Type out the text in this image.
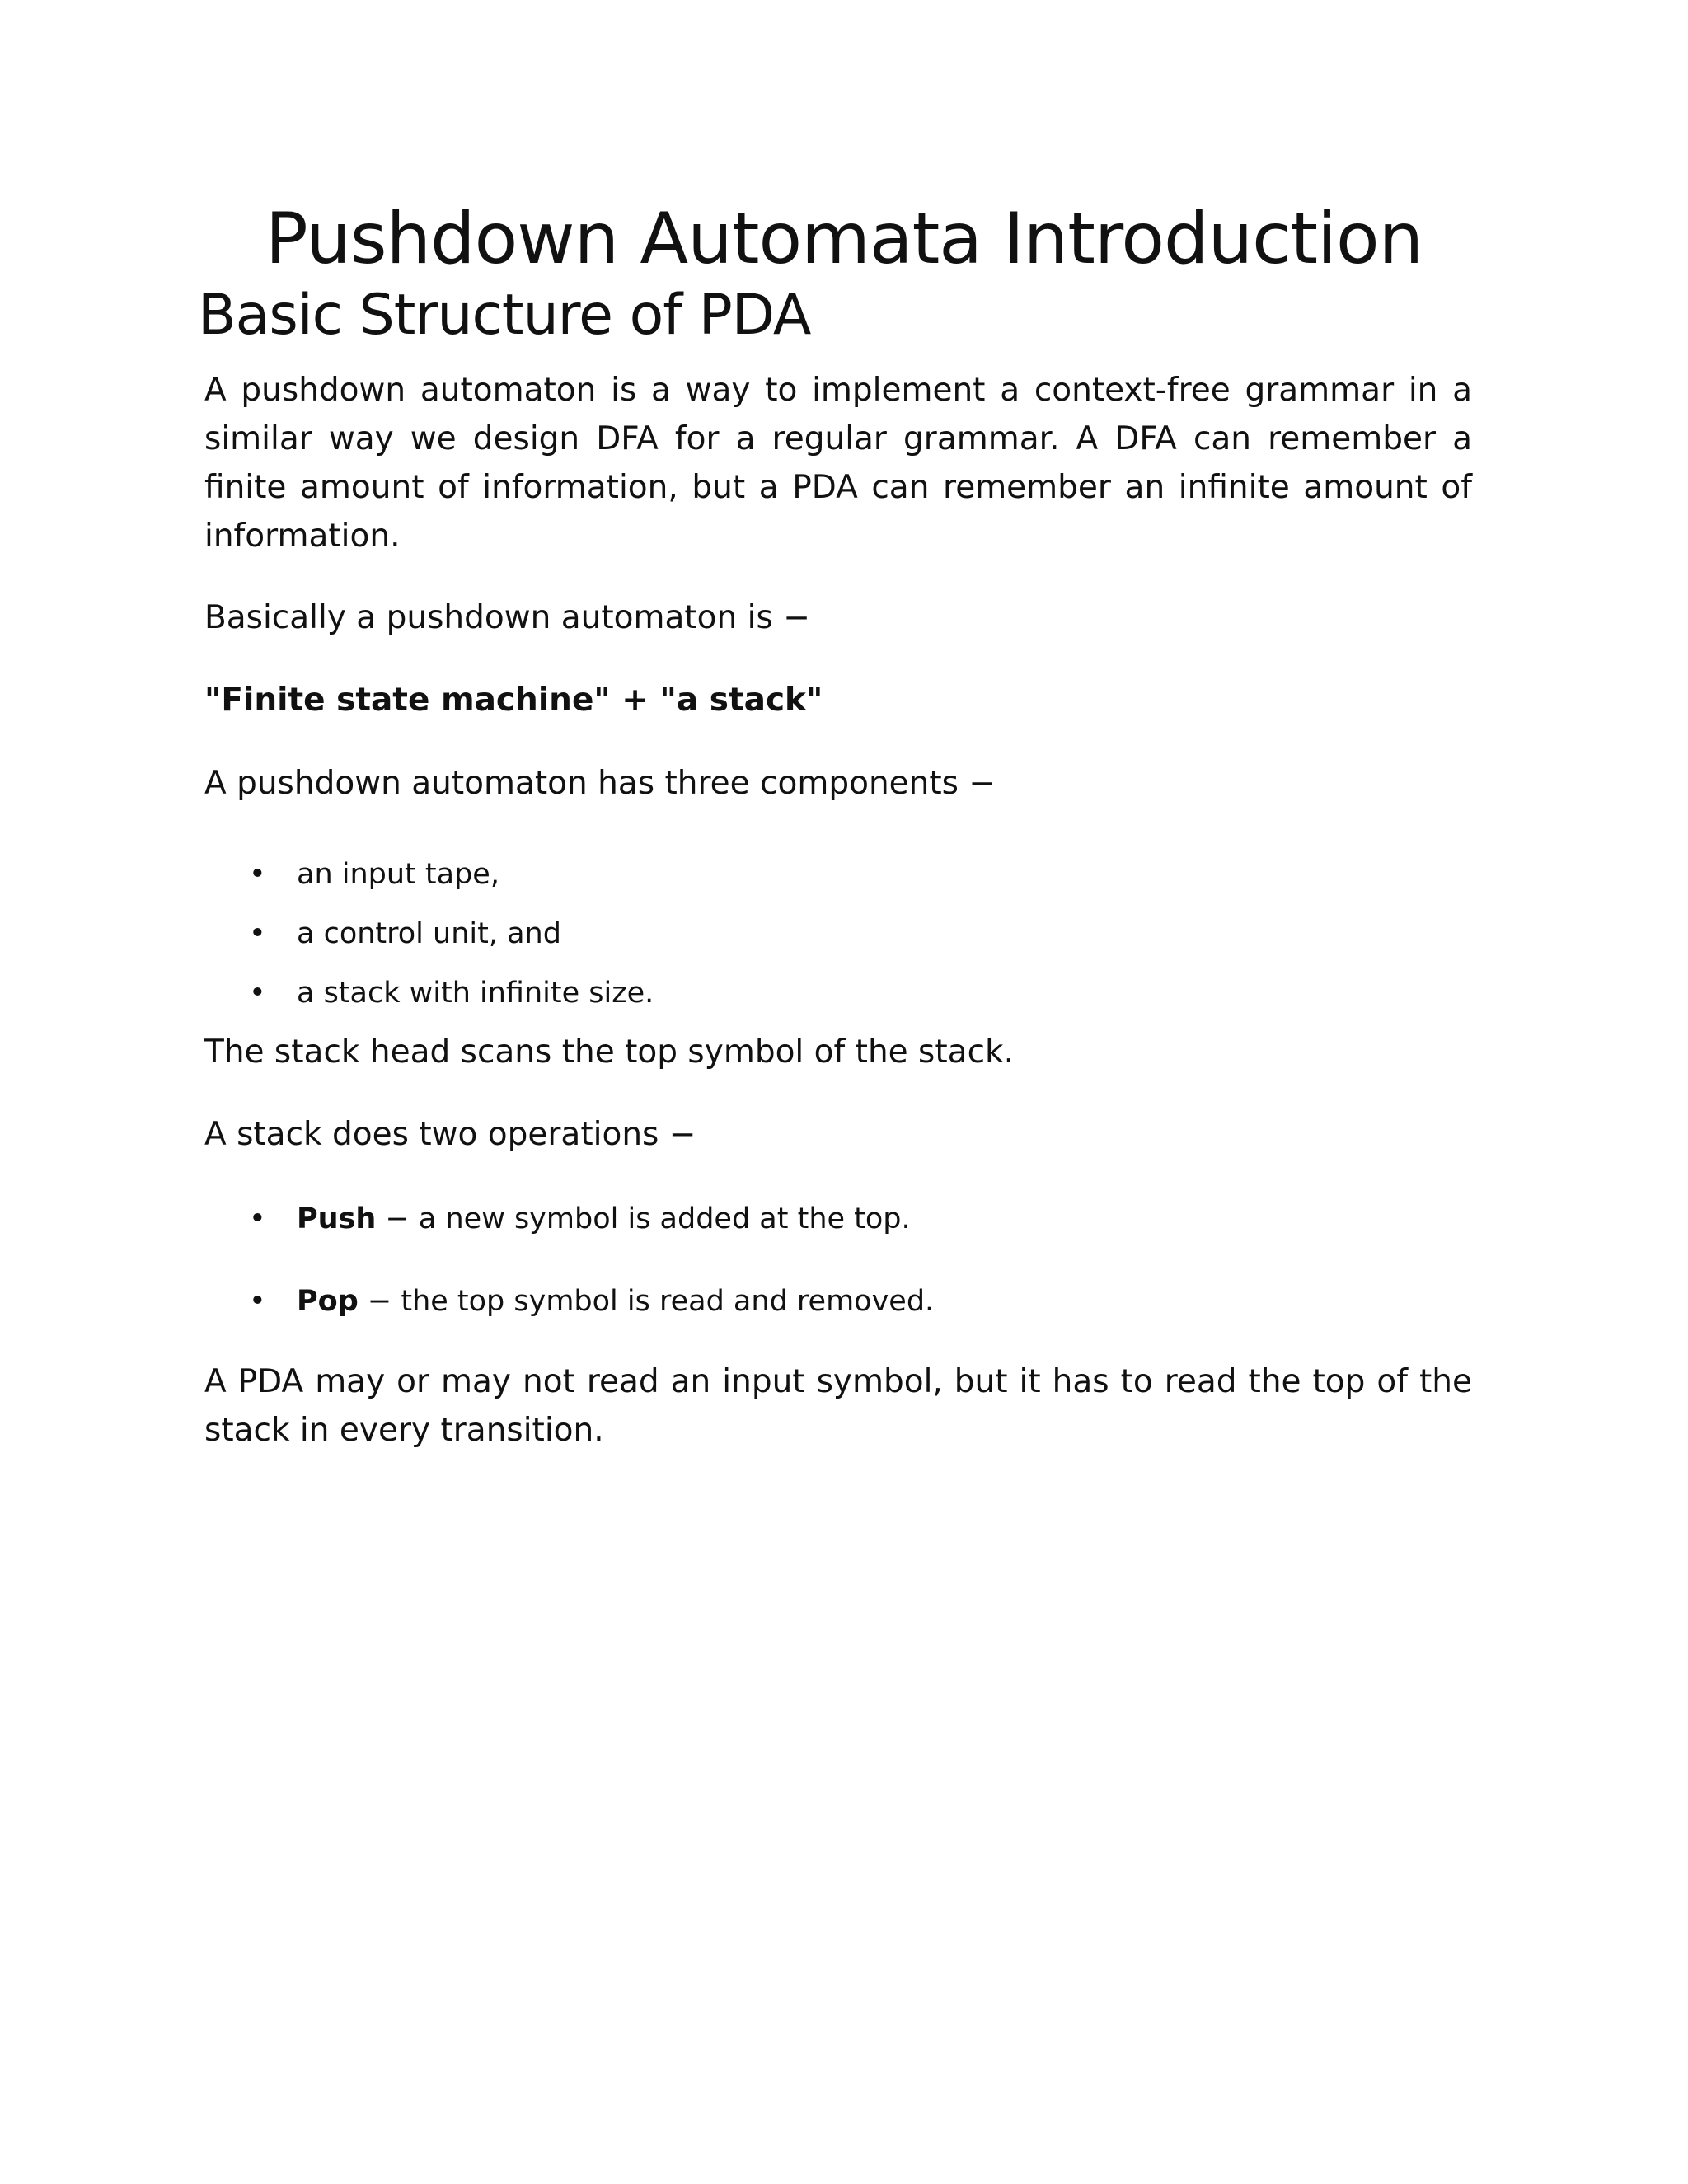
Pushdown Automata Introduction
Basic Structure of PDA

A pushdown automaton is a way to implement a context-free grammar in a similar way we design DFA for a regular grammar. A DFA can remember a finite amount of information, but a PDA can remember an infinite amount of information.

Basically a pushdown automaton is −

"Finite state machine" + "a stack"

A pushdown automaton has three components −

• an input tape,
• a control unit, and
• a stack with infinite size.

The stack head scans the top symbol of the stack.

A stack does two operations −

• Push − a new symbol is added at the top.
• Pop − the top symbol is read and removed.

A PDA may or may not read an input symbol, but it has to read the top of the stack in every transition.
